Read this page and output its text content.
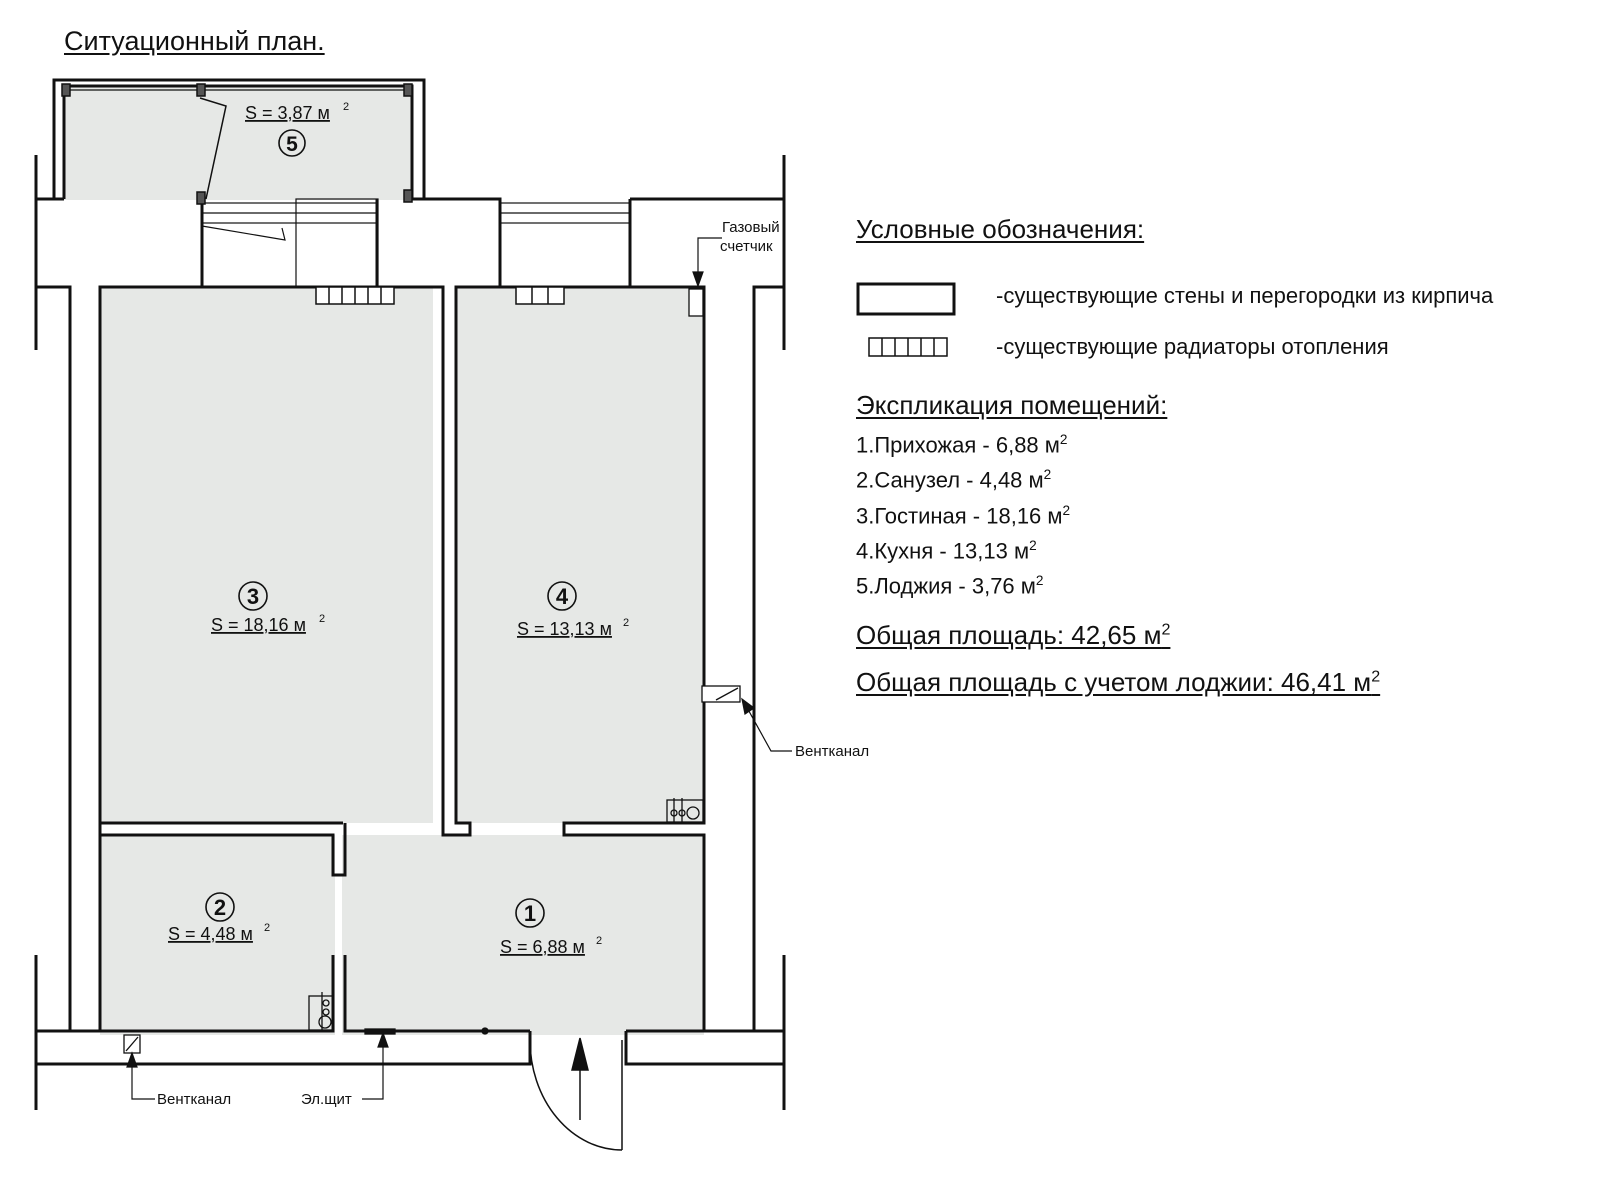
Ситуационный план.
S = 3,87 м 2
5
3
S = 18,16 м 2
4
S = 13,13 м 2
2
S = 4,48 м 2
1
S = 6,88 м 2
Газовый
счетчик
Вентканал
Вентканал	Эл.щит
Условные обозначения:
-существующие стены и перегородки из кирпича
-существующие радиаторы отопления
Экспликация помещений:
1.Прихожая - 6,88 $м^2$
2.Санузел - 4,48 $м^2$
3.Гостиная - 18,16 $м^2$
4.Кухня - 13,13 $м^2$
5.Лоджия - 3,76 $м^2$
Общая площадь: 42,65 $м^2$
Общая площадь с учетом лоджии: 46,41 $м^2$
